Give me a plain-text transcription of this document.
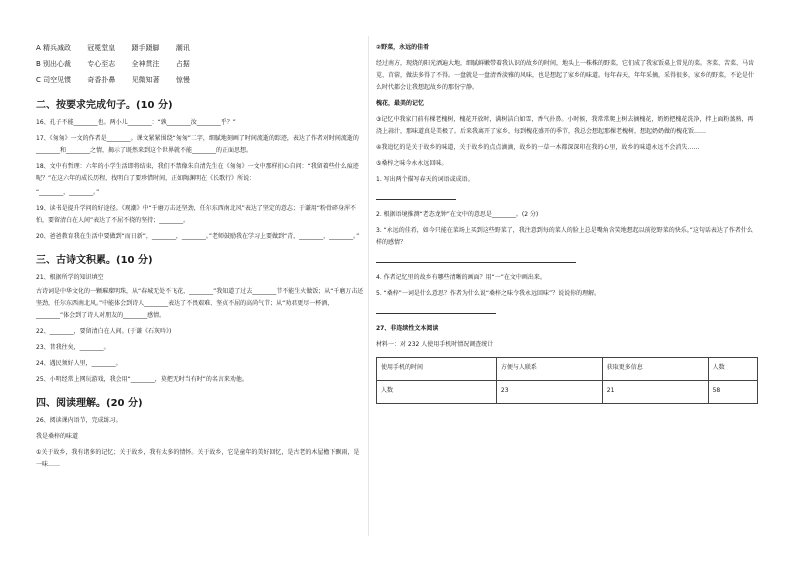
A 精兵减政 冠冕堂皇 蹑手蹑脚 潮讯
B 别出心裁 专心至志 全神贯注 占据
C 司空见惯 奇香扑鼻 见微知著 惊慢
二、按要求完成句子。(10 分)
16、孔子不能________也。两小儿________：“孰________汝________乎？”
17、《匆匆》一文的作者是________。课文紧紧围绕“匆匆”二字，细腻地刻画了时间流逝的踪迹，表达了作者对时间流逝的________和________之情，揭示了既然来到这个世界就不能________的正面思想。
18、文中有哲理：六年的小学生活即将结束，我们不禁像朱自清先生在《匆匆》一文中那样扪心自问：“我留着些什么痕迹呢？”在这六年的成长历程，找明白了要珍惜时间，正如陶渊明在《长歌行》所说：
“________，________。”
19、读书是提升学问的好途径。《观潮》中“千磨万击还坚劲，任尔东西南北风”表达了坚定的意志；于谦用“粉骨碎身浑不怕，要留清白在人间”表达了不屈不挠的坚持；________。
20、爸爸教育我在生活中要做到“而日新”，________，________。”老师鼓励我在学习上要做到“青，________，________。”
三、古诗文积累。(10 分)
21、根据所学的知识填空
古诗词是中华文化的一颗璀璨明珠，从“春城无处不飞花，________”我知道了过去________节不能生火做饭；从“千磨万击还坚劲，任尔东西南北风。”中能体会到诗人________表达了不畏艰难、坚贞不屈的高尚气节；从“劝君更尽一杯酒，________”体会到了诗人对朋友的________感情。
22、________，要留清白在人间。(于谦《石灰吟》)
23、昔我往矣，________。
24、遇民须好人里，________。
25、小明经常上网玩游戏，我会用“________，莫把无时当有时”的名言来劝他。
四、阅读理解。(20 分)
26、阅读课内语节，完成练习。
我是桑梓的味道
①关于故乡，我有诸多的记忆；关于故乡，我有太多的情怀。关于故乡，它是童年的美好回忆，是古老的木屋檐下飘雨，是一味……

②野菜，永远的佳肴

经过南方，现烧的阳光洒遍大地，细腻鲜嫩带着我认识的故乡的时间，地头上一株株的野菜，它们成了我家饭桌上常见的菜。荠菜、苦菜、马齿苋、苜蓿，做法多得了不得。一盘就是一盘清香淡雅的风味，也是想起了家乡的味道。每年春天，年年采摘，采得很多，家乡的野菜，不论是什么时代都会让我想起故乡的那份宁静。

槐花，最美的记忆

③记忆中我家门前有棵老槐树，槐花开放时，满树洁白如雪，香气扑鼻。小时候，我常常爬上树去摘槐花，奶奶把槐花洗净，拌上面粉蒸熟，再浇上蒜汁，那味道真是美极了。后来我离开了家乡，每到槐花盛开的季节，我总会想起那棵老槐树，想起奶奶做的槐花饭……

④我追忆的是关于故乡的味道，关于故乡的点点滴滴，故乡的一草一木都深深印在我的心里，故乡的味道永远不会消失……

⑤桑梓之味今永永远回味。

1. 写出两个描写春天的词语或成语。

2. 根据语境推测“老态龙钟”在文中的意思是________。(2 分)

3. “永远的佳肴，如今只能在菜场上买到这些野菜了，我注意到每的菜人的脸上总是嘴角含笑地想起以前挖野菜的快乐。”这句话表达了作者什么样的感情？

4. 作者记忆里的故乡有哪些清晰的画面？用“一”在文中画出来。

5. “桑梓”一词是什么意思？作者为什么说“桑梓之味令我永远回味”？说说你的理解。

27、非连续性文本阅读

材料一：对 232 人使用手机时情况调查统计

使用手机的时间	方便与人联系	获取更多信息	人数
人数	23	21	58
